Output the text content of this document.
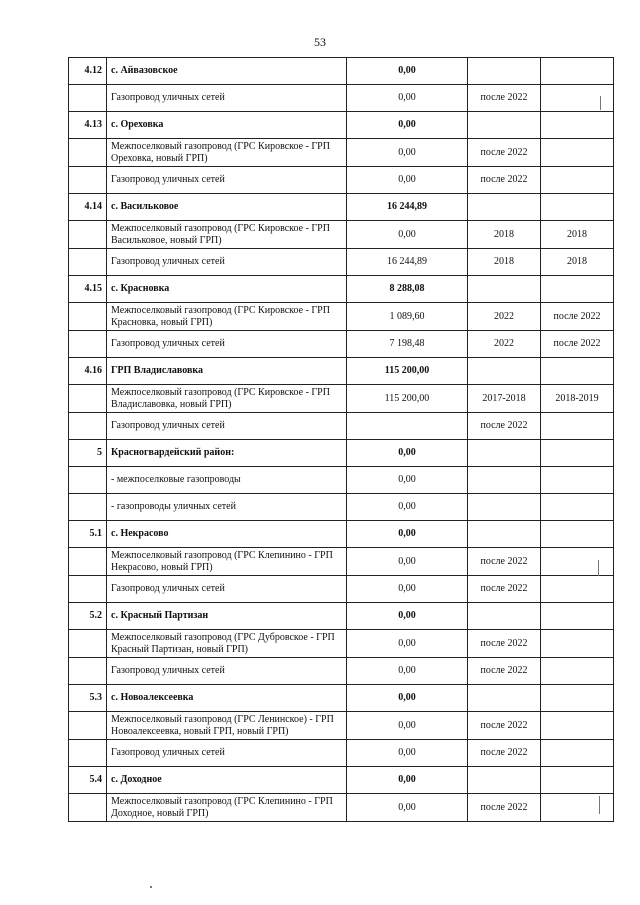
53
4.12	с. Айвазовское	0,00		
	Газопровод уличных сетей	0,00	после 2022	
4.13	с. Ореховка	0,00		
	Межпоселковый газопровод (ГРС Кировское - ГРП Ореховка, новый ГРП)	0,00	после 2022	
	Газопровод уличных сетей	0,00	после 2022	
4.14	с. Васильковое	16 244,89		
	Межпоселковый газопровод (ГРС Кировское - ГРП Васильковое, новый ГРП)	0,00	2018	2018
	Газопровод уличных сетей	16 244,89	2018	2018
4.15	с. Красновка	8 288,08		
	Межпоселковый газопровод (ГРС Кировское - ГРП Красновка, новый ГРП)	1 089,60	2022	после 2022
	Газопровод уличных сетей	7 198,48	2022	после 2022
4.16	ГРП Владиславовка	115 200,00		
	Межпоселковый газопровод (ГРС Кировское - ГРП Владиславовка, новый ГРП)	115 200,00	2017-2018	2018-2019
	Газопровод уличных сетей		после 2022	
5	Красногвардейский район:	0,00		
	- межпоселковые газопроводы	0,00		
	- газопроводы уличных сетей	0,00		
5.1	с. Некрасово	0,00		
	Межпоселковый газопровод (ГРС Клепинино - ГРП Некрасово, новый ГРП)	0,00	после 2022	
	Газопровод уличных сетей	0,00	после 2022	
5.2	с. Красный Партизан	0,00		
	Межпоселковый газопровод (ГРС Дубровское - ГРП Красный Партизан, новый ГРП)	0,00	после 2022	
	Газопровод уличных сетей	0,00	после 2022	
5.3	с. Новоалексеевка	0,00		
	Межпоселковый газопровод (ГРС Ленинское) - ГРП Новоалексеевка, новый ГРП, новый ГРП)	0,00	после 2022	
	Газопровод уличных сетей	0,00	после 2022	
5.4	с. Доходное	0,00		
	Межпоселковый газопровод (ГРС Клепинино - ГРП Доходное, новый ГРП)	0,00	после 2022	
